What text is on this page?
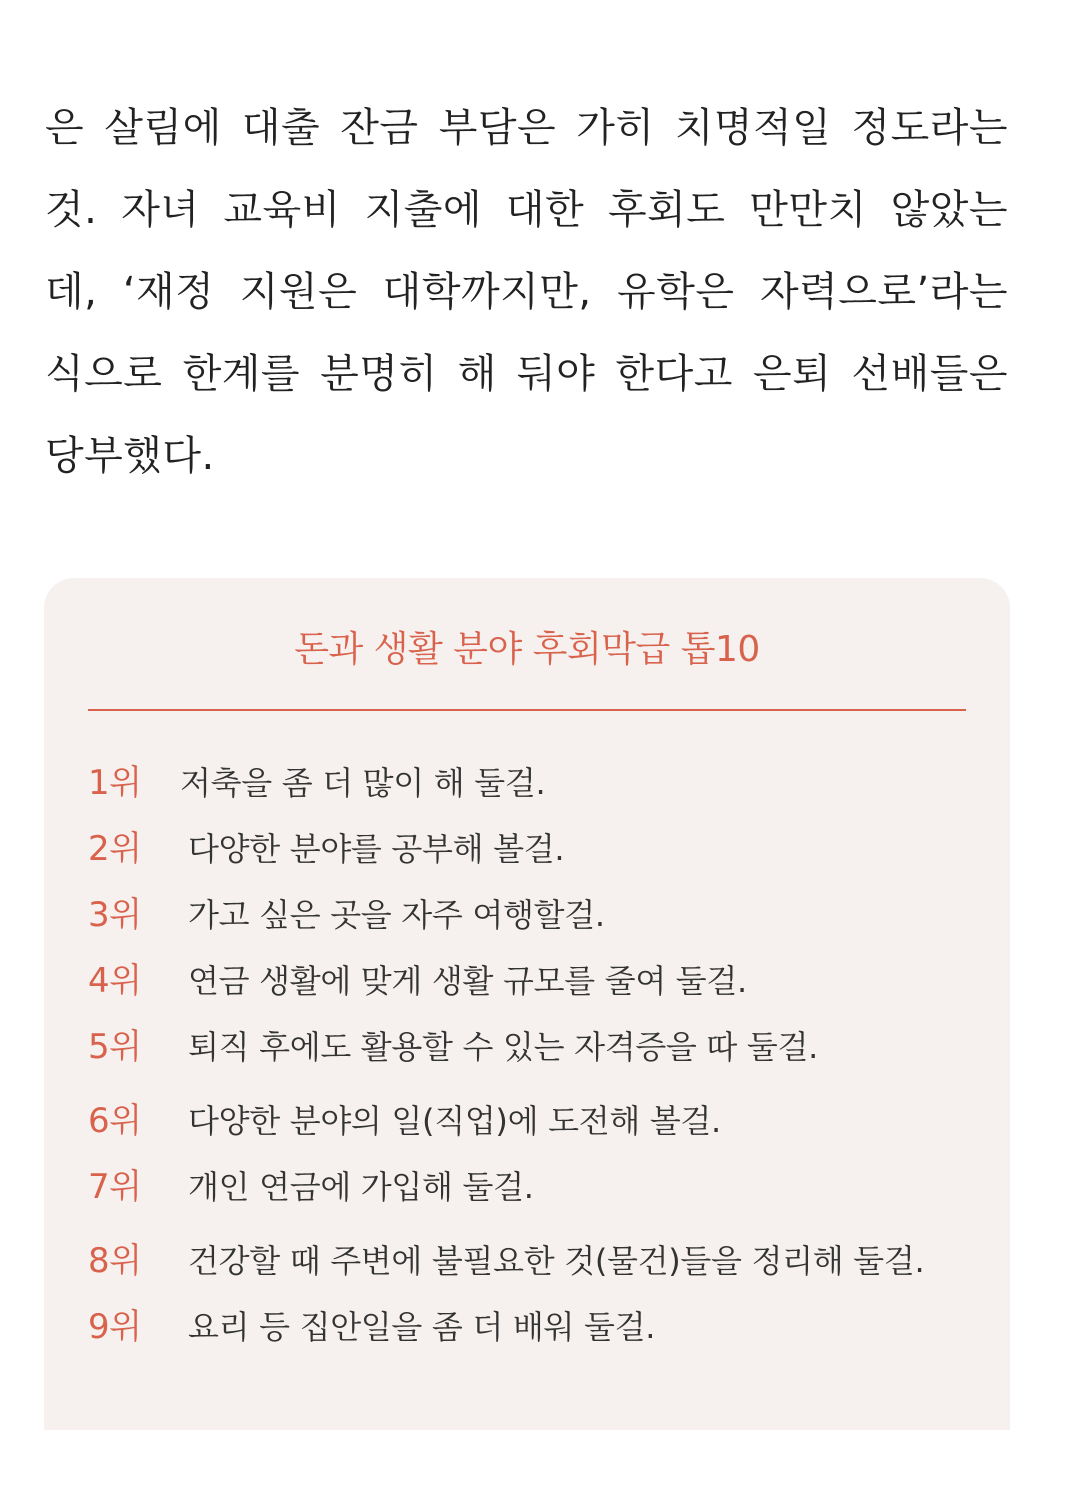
은 살림에 대출 잔금 부담은 가히 치명적일 정도라는
것. 자녀 교육비 지출에 대한 후회도 만만치 않았는
데, ‘재정 지원은 대학까지만, 유학은 자력으로’라는
식으로 한계를 분명히 해 둬야 한다고 은퇴 선배들은
당부했다.
돈과 생활 분야 후회막급 톱10
1위 저축을 좀 더 많이 해 둘걸.
2위 다양한 분야를 공부해 볼걸.
3위 가고 싶은 곳을 자주 여행할걸.
4위 연금 생활에 맞게 생활 규모를 줄여 둘걸.
5위 퇴직 후에도 활용할 수 있는 자격증을 따 둘걸.
6위 다양한 분야의 일(직업)에 도전해 볼걸.
7위 개인 연금에 가입해 둘걸.
8위 건강할 때 주변에 불필요한 것(물건)들을 정리해 둘걸.
9위 요리 등 집안일을 좀 더 배워 둘걸.
